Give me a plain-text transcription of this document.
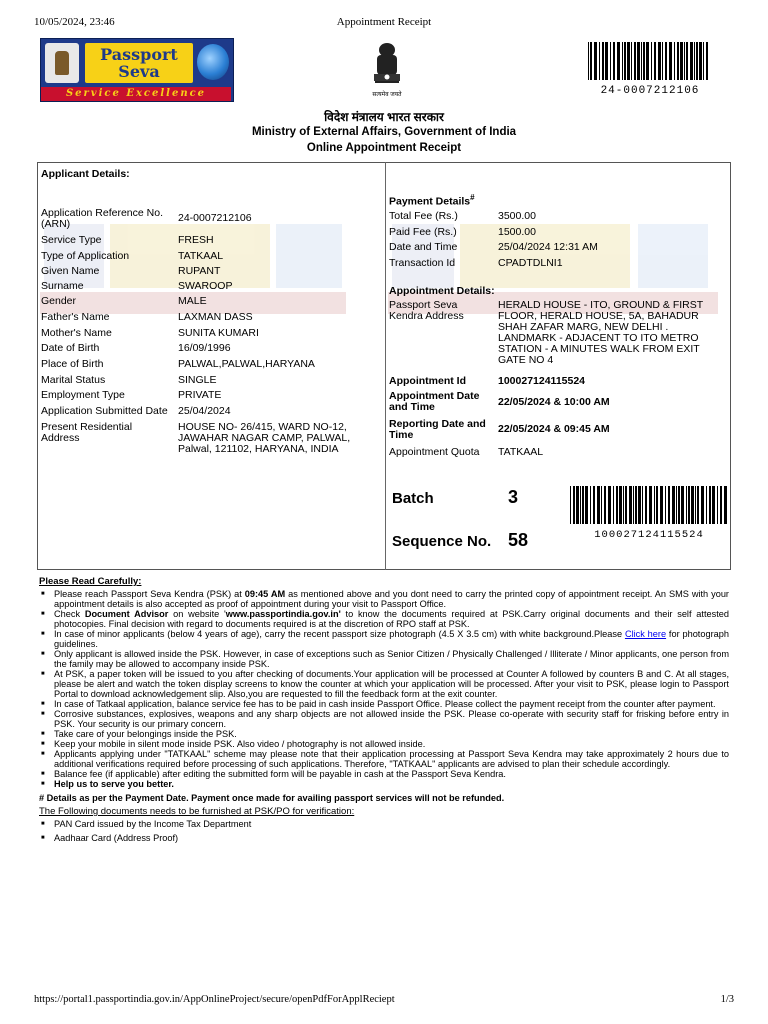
10/05/2024, 23:46	Appointment Receipt
Passport
Seva
Service Excellence	सत्यमेव जयते	24-0007212106
विदेश मंत्रालय भारत सरकार
Ministry of External Affairs, Government of India
Online Appointment Receipt
Applicant Details:
Application Reference No. (ARN)	24-0007212106
Service Type	FRESH
Type of Application	TATKAAL
Given Name	RUPANT
Surname	SWAROOP
Gender	MALE
Father's Name	LAXMAN DASS
Mother's Name	SUNITA KUMARI
Date of Birth	16/09/1996
Place of Birth	PALWAL,PALWAL,HARYANA
Marital Status	SINGLE
Employment Type	PRIVATE
Application Submitted Date 25/04/2024
Present Residential Address
HOUSE NO- 26/415, WARD NO-12, JAWAHAR NAGAR CAMP, PALWAL, Palwal, 121102, HARYANA, INDIA
Payment Details#
Total Fee (Rs.)	3500.00
Paid Fee (Rs.)	1500.00
Date and Time	25/04/2024 12:31 AM
Transaction Id	CPADTDLNI1
Appointment Details:
Passport Seva Kendra Address
HERALD HOUSE - ITO, GROUND & FIRST FLOOR, HERALD HOUSE, 5A, BAHADUR SHAH ZAFAR MARG, NEW DELHI . LANDMARK - ADJACENT TO ITO METRO STATION - A MINUTES WALK FROM EXIT GATE NO 4
Appointment Id	100027124115524
Appointment Date and Time	22/05/2024 & 10:00 AM
Reporting Date and Time	22/05/2024 & 09:45 AM
Appointment Quota TATKAAL
Batch	3
Sequence No. 58	100027124115524
Please Read Carefully:
■ Please reach Passport Seva Kendra (PSK) at 09:45 AM as mentioned above and you dont need to carry the printed copy of appointment receipt. An SMS with your appointment details is also accepted as proof of appointment during your visit to Passport Office.
■ Check Document Advisor on website 'www.passportindia.gov.in' to know the documents required at PSK.Carry original documents and their self attested photocopies. Final decision with regard to documents required is at the discretion of RPO staff at PSK.
■ In case of minor applicants (below 4 years of age), carry the recent passport size photograph (4.5 X 3.5 cm) with white background.Please Click here for photograph guidelines.
■ Only applicant is allowed inside the PSK. However, in case of exceptions such as Senior Citizen / Physically Challenged / Illiterate / Minor applicants, one person from the family may be allowed to accompany inside PSK.
■ At PSK, a paper token will be issued to you after checking of documents.Your application will be processed at Counter A followed by counters B and C. At all stages, please be alert and watch the token display screens to know the counter at which your application will be processed. After your visit to PSK, please login to Passport Portal to download acknowledgement slip. Also,you are requested to fill the feedback form at the exit counter.
■ In case of Tatkaal application, balance service fee has to be paid in cash inside Passport Office. Please collect the payment receipt from the counter after payment.
■ Corrosive substances, explosives, weapons and any sharp objects are not allowed inside the PSK. Please co-operate with security staff for frisking before entry in PSK. Your security is our primary concern.
■ Take care of your belongings inside the PSK.
■ Keep your mobile in silent mode inside PSK. Also video / photography is not allowed inside.
■ Applicants applying under "TATKAAL" scheme may please note that their application processing at Passport Seva Kendra may take approximately 2 hours due to additional verifications required before processing of such applications. Therefore, "TATKAAL" applicants are advised to plan their schedule accordingly.
■ Balance fee (if applicable) after editing the submitted form will be payable in cash at the Passport Seva Kendra.
■ Help us to serve you better.
# Details as per the Payment Date. Payment once made for availing passport services will not be refunded.
The Following documents needs to be furnished at PSK/PO for verification:
■ PAN Card issued by the Income Tax Department
■ Aadhaar Card (Address Proof)
https://portal1.passportindia.gov.in/AppOnlineProject/secure/openPdfForApplReciept	1/3
